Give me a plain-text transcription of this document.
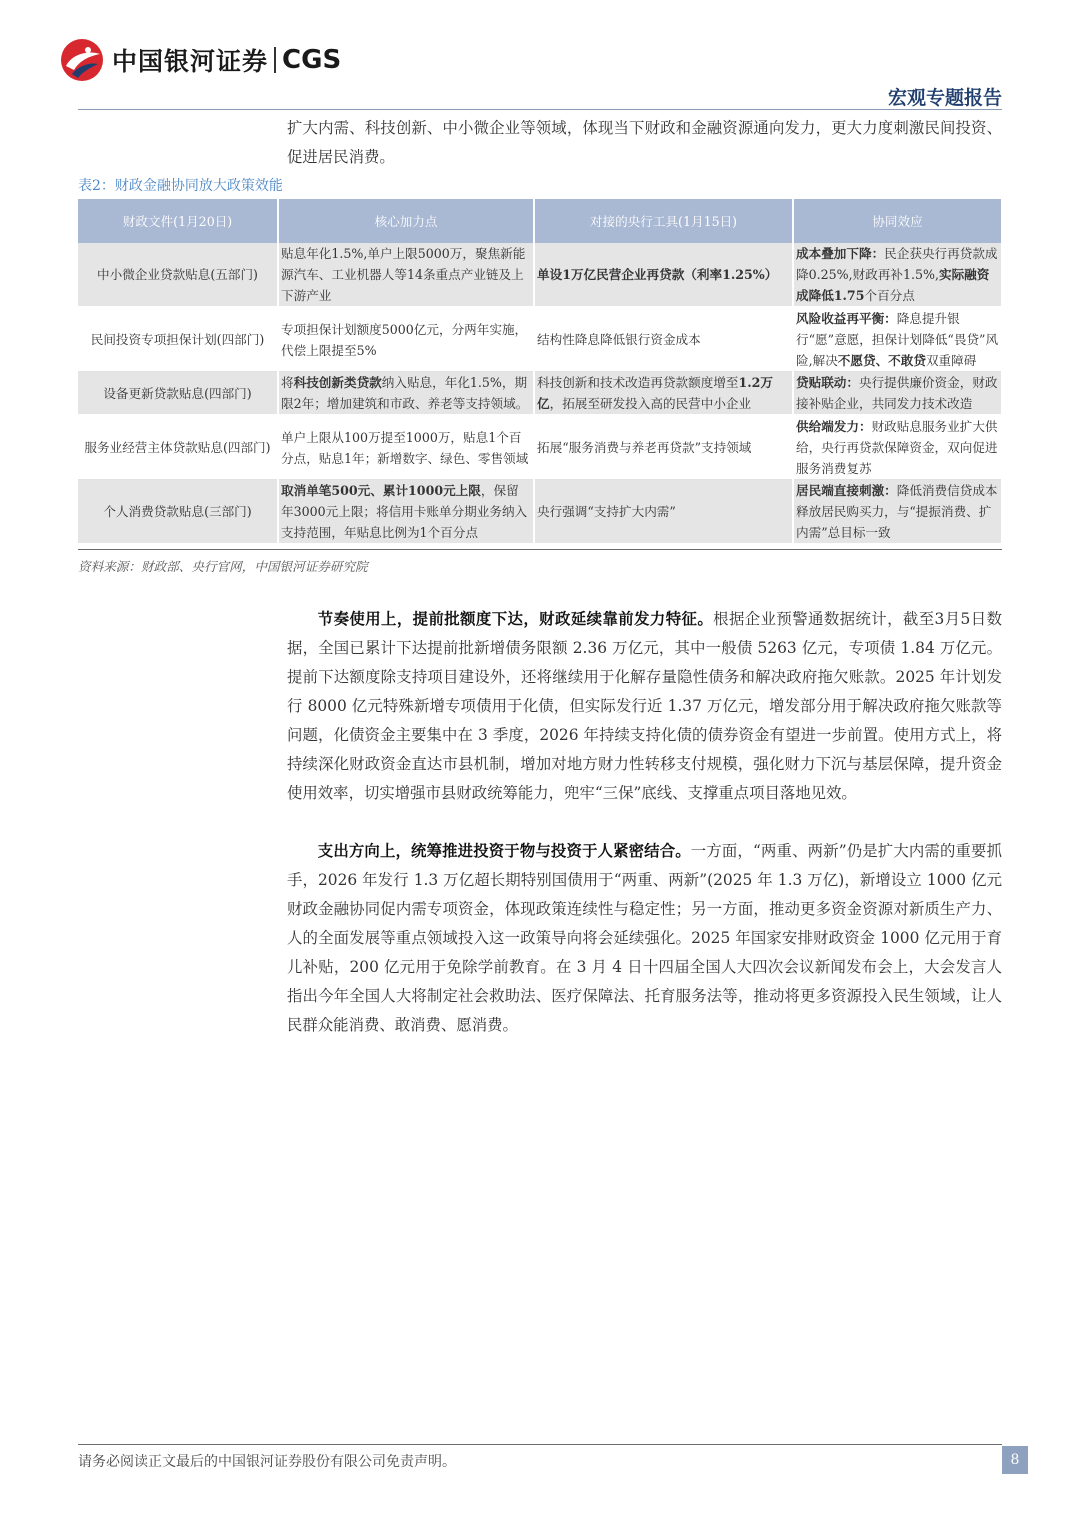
中国银河证券 CGS
宏观专题报告
扩大内需、科技创新、中小微企业等领域，体现当下财政和金融资源通向发力，更大力度刺激民间投资、促进居民消费。
表2：财政金融协同放大政策效能
财政文件(1月20日)	核心加力点	对接的央行工具(1月15日)	协同效应
中小微企业贷款贴息(五部门)	贴息年化1.5%,单户上限5000万，聚焦新能源汽车、工业机器人等14条重点产业链及上下游产业	单设1万亿民营企业再贷款（利率1.25%）	成本叠加下降：民企获央行再贷款成降0.25%,财政再补1.5%,实际融资成降低1.75个百分点
民间投资专项担保计划(四部门)	专项担保计划额度5000亿元，分两年实施，代偿上限提至5%	结构性降息降低银行资金成本	风险收益再平衡：降息提升银行“愿”意愿，担保计划降低“畏贷”风险,解决不愿贷、不敢贷双重障碍
设备更新贷款贴息(四部门)	将科技创新类贷款纳入贴息，年化1.5%，期限2年；增加建筑和市政、养老等支持领域。	科技创新和技术改造再贷款额度增至1.2万亿，拓展至研发投入高的民营中小企业	贷贴联动：央行提供廉价资金，财政接补贴企业，共同发力技术改造
服务业经营主体贷款贴息(四部门)	单户上限从100万提至1000万，贴息1个百分点，贴息1年；新增数字、绿色、零售领域	拓展“服务消费与养老再贷款”支持领域	供给端发力：财政贴息服务业扩大供给，央行再贷款保障资金，双向促进服务消费复苏
个人消费贷款贴息(三部门)	取消单笔500元、累计1000元上限，保留年3000元上限；将信用卡账单分期业务纳入支持范围，年贴息比例为1个百分点	央行强调“支持扩大内需”	居民端直接刺激：降低消费信贷成本释放居民购买力，与“提振消费、扩内需”总目标一致
资料来源：财政部、央行官网，中国银河证券研究院
节奏使用上，提前批额度下达，财政延续靠前发力特征。根据企业预警通数据统计，截至3月5日数据，全国已累计下达提前批新增债务限额 2.36 万亿元，其中一般债 5263 亿元，专项债 1.84 万亿元。提前下达额度除支持项目建设外，还将继续用于化解存量隐性债务和解决政府拖欠账款。2025 年计划发行 8000 亿元特殊新增专项债用于化债，但实际发行近 1.37 万亿元，增发部分用于解决政府拖欠账款等问题，化债资金主要集中在 3 季度，2026 年持续支持化债的债券资金有望进一步前置。使用方式上，将持续深化财政资金直达市县机制，增加对地方财力性转移支付规模，强化财力下沉与基层保障，提升资金使用效率，切实增强市县财政统筹能力，兜牢“三保”底线、支撑重点项目落地见效。
支出方向上，统筹推进投资于物与投资于人紧密结合。一方面，“两重、两新”仍是扩大内需的重要抓手，2026 年发行 1.3 万亿超长期特别国债用于“两重、两新”(2025 年 1.3 万亿)，新增设立 1000 亿元财政金融协同促内需专项资金，体现政策连续性与稳定性；另一方面，推动更多资金资源对新质生产力、人的全面发展等重点领域投入这一政策导向将会延续强化。2025 年国家安排财政资金 1000 亿元用于育儿补贴，200 亿元用于免除学前教育。在 3 月 4 日十四届全国人大四次会议新闻发布会上，大会发言人指出今年全国人大将制定社会救助法、医疗保障法、托育服务法等，推动将更多资源投入民生领域，让人民群众能消费、敢消费、愿消费。
请务必阅读正文最后的中国银河证券股份有限公司免责声明。	8
